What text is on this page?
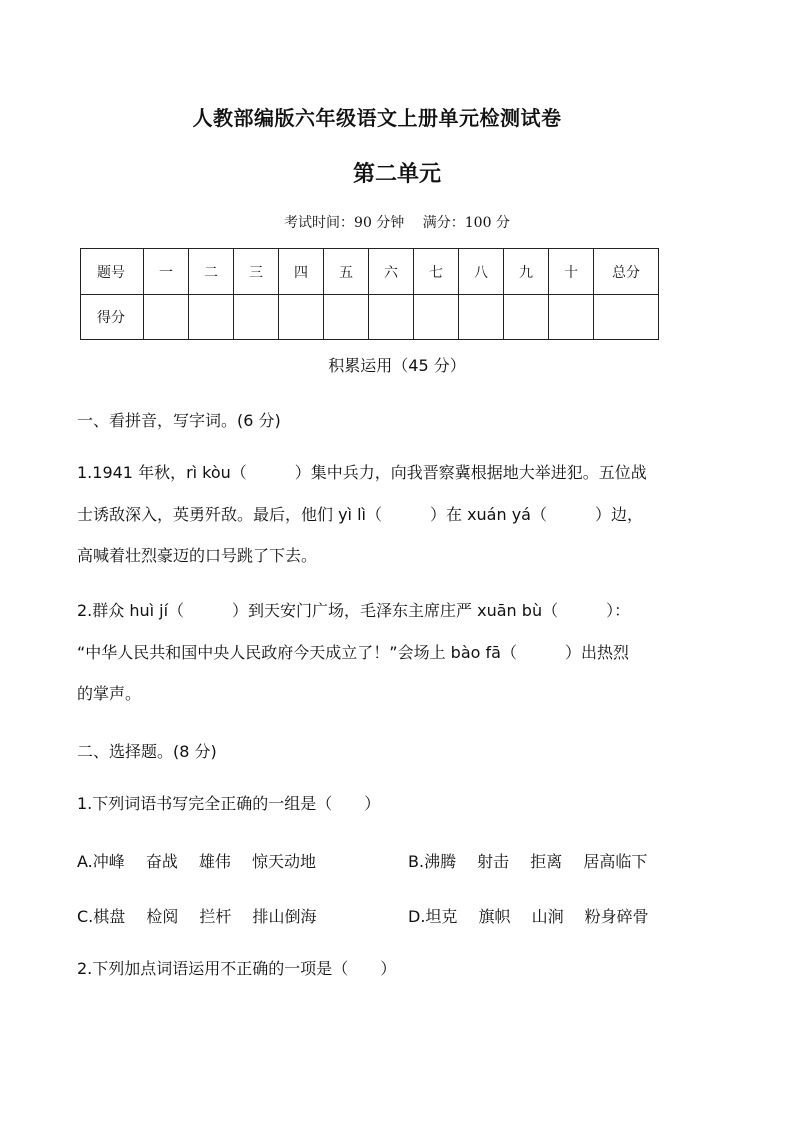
人教部编版六年级语文上册单元检测试卷
第二单元
考试时间：90 分钟　 满分：100 分
题号	一	二	三	四	五	六	七	八	九	十	总分
得分											
积累运用（45 分）
一、看拼音，写字词。(6 分)
1.1941 年秋，rì kòu（　　　）集中兵力，向我晋察冀根据地大举进犯。五位战
士诱敌深入，英勇歼敌。最后，他们 yì lì（　　　）在 xuán yá（　　　）边，
高喊着壮烈豪迈的口号跳了下去。
2.群众 huì jí（　　　）到天安门广场，毛泽东主席庄严 xuān bù（　　　）：
“中华人民共和国中央人民政府今天成立了！”会场上 bào fā（　　　）出热烈
的掌声。
二、选择题。(8 分)
1.下列词语书写完全正确的一组是（　　）
A.冲峰　 奋战　 雄伟　 惊天动地	B.沸腾　 射击　 拒离　 居高临下
C.棋盘　 检阅　 拦杆　 排山倒海	D.坦克　 旗帜　 山涧　 粉身碎骨
2.下列加点词语运用不正确的一项是（　　）
